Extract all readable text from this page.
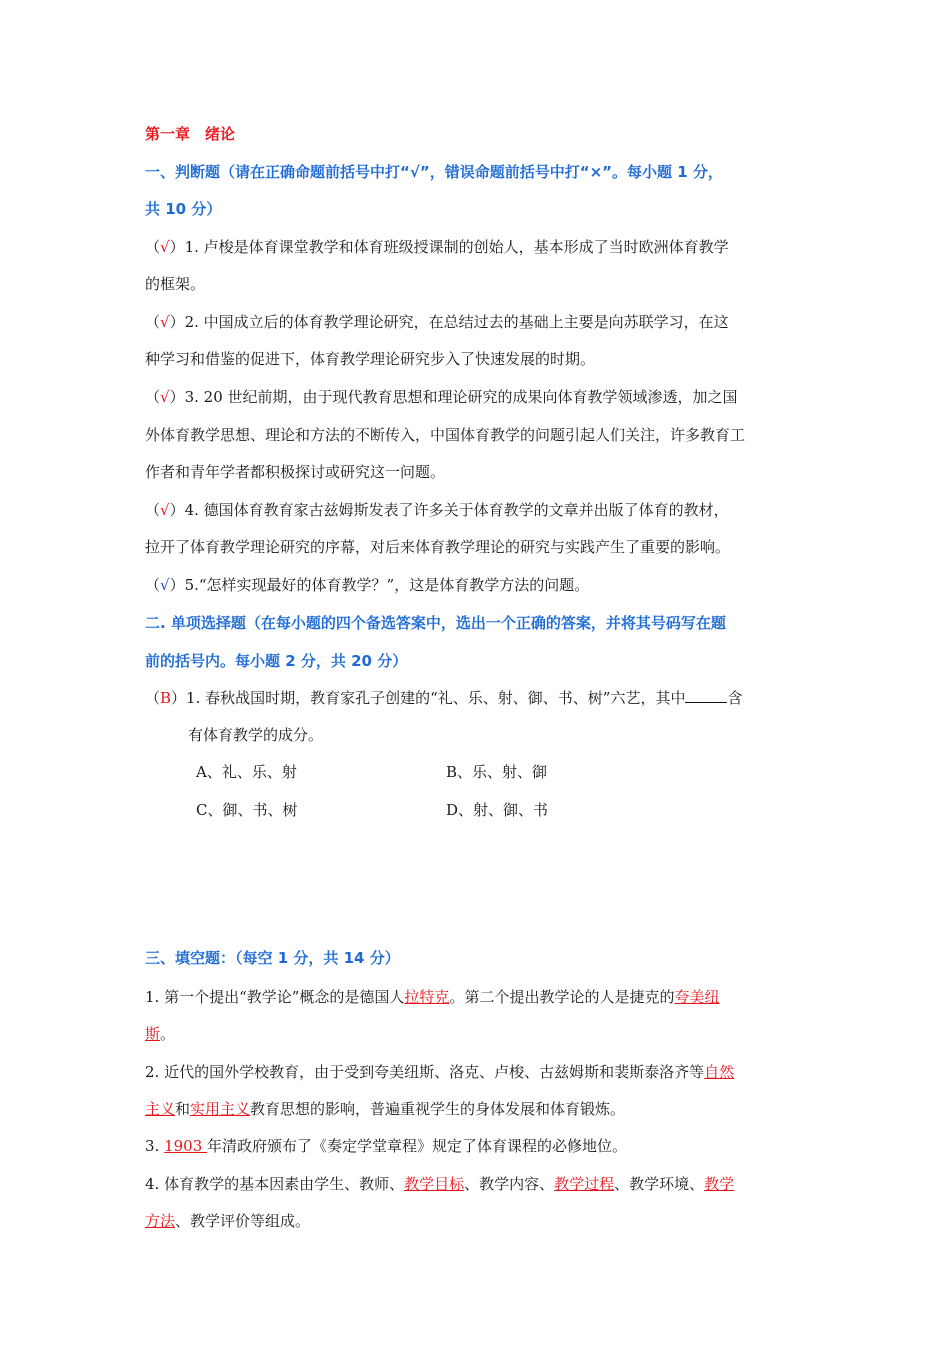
第一章　绪论
一、判断题（请在正确命题前括号中打“√”，错误命题前括号中打“×”。每小题 1 分，
共 10 分）
（√）1. 卢梭是体育课堂教学和体育班级授课制的创始人，基本形成了当时欧洲体育教学
的框架。
（√）2. 中国成立后的体育教学理论研究，在总结过去的基础上主要是向苏联学习，在这
种学习和借鉴的促进下，体育教学理论研究步入了快速发展的时期。
（√）3. 20 世纪前期，由于现代教育思想和理论研究的成果向体育教学领域渗透，加之国
外体育教学思想、理论和方法的不断传入，中国体育教学的问题引起人们关注，许多教育工
作者和青年学者都积极探讨或研究这一问题。
（√）4. 德国体育教育家古兹姆斯发表了许多关于体育教学的文章并出版了体育的教材，
拉开了体育教学理论研究的序幕，对后来体育教学理论的研究与实践产生了重要的影响。
（√）5.“怎样实现最好的体育教学？”，这是体育教学方法的问题。
二. 单项选择题（在每小题的四个备选答案中，选出一个正确的答案，并将其号码写在题
前的括号内。每小题 2 分，共 20 分）
（B）1. 春秋战国时期，教育家孔子创建的“礼、乐、射、御、书、树”六艺，其中	含
有体育教学的成分。
A、礼、乐、射	B、乐、射、御
C、御、书、树	D、射、御、书
三、填空题：（每空 1 分，共 14 分）
1. 第一个提出“教学论”概念的是德国人拉特克。第二个提出教学论的人是捷克的夸美纽
斯。
2. 近代的国外学校教育，由于受到夸美纽斯、洛克、卢梭、古兹姆斯和裴斯泰洛齐等自然
主义和实用主义教育思想的影响，普遍重视学生的身体发展和体育锻炼。
3. 1903 年清政府颁布了《奏定学堂章程》规定了体育课程的必修地位。
4. 体育教学的基本因素由学生、教师、教学目标、教学内容、教学过程、教学环境、教学
方法、教学评价等组成。
